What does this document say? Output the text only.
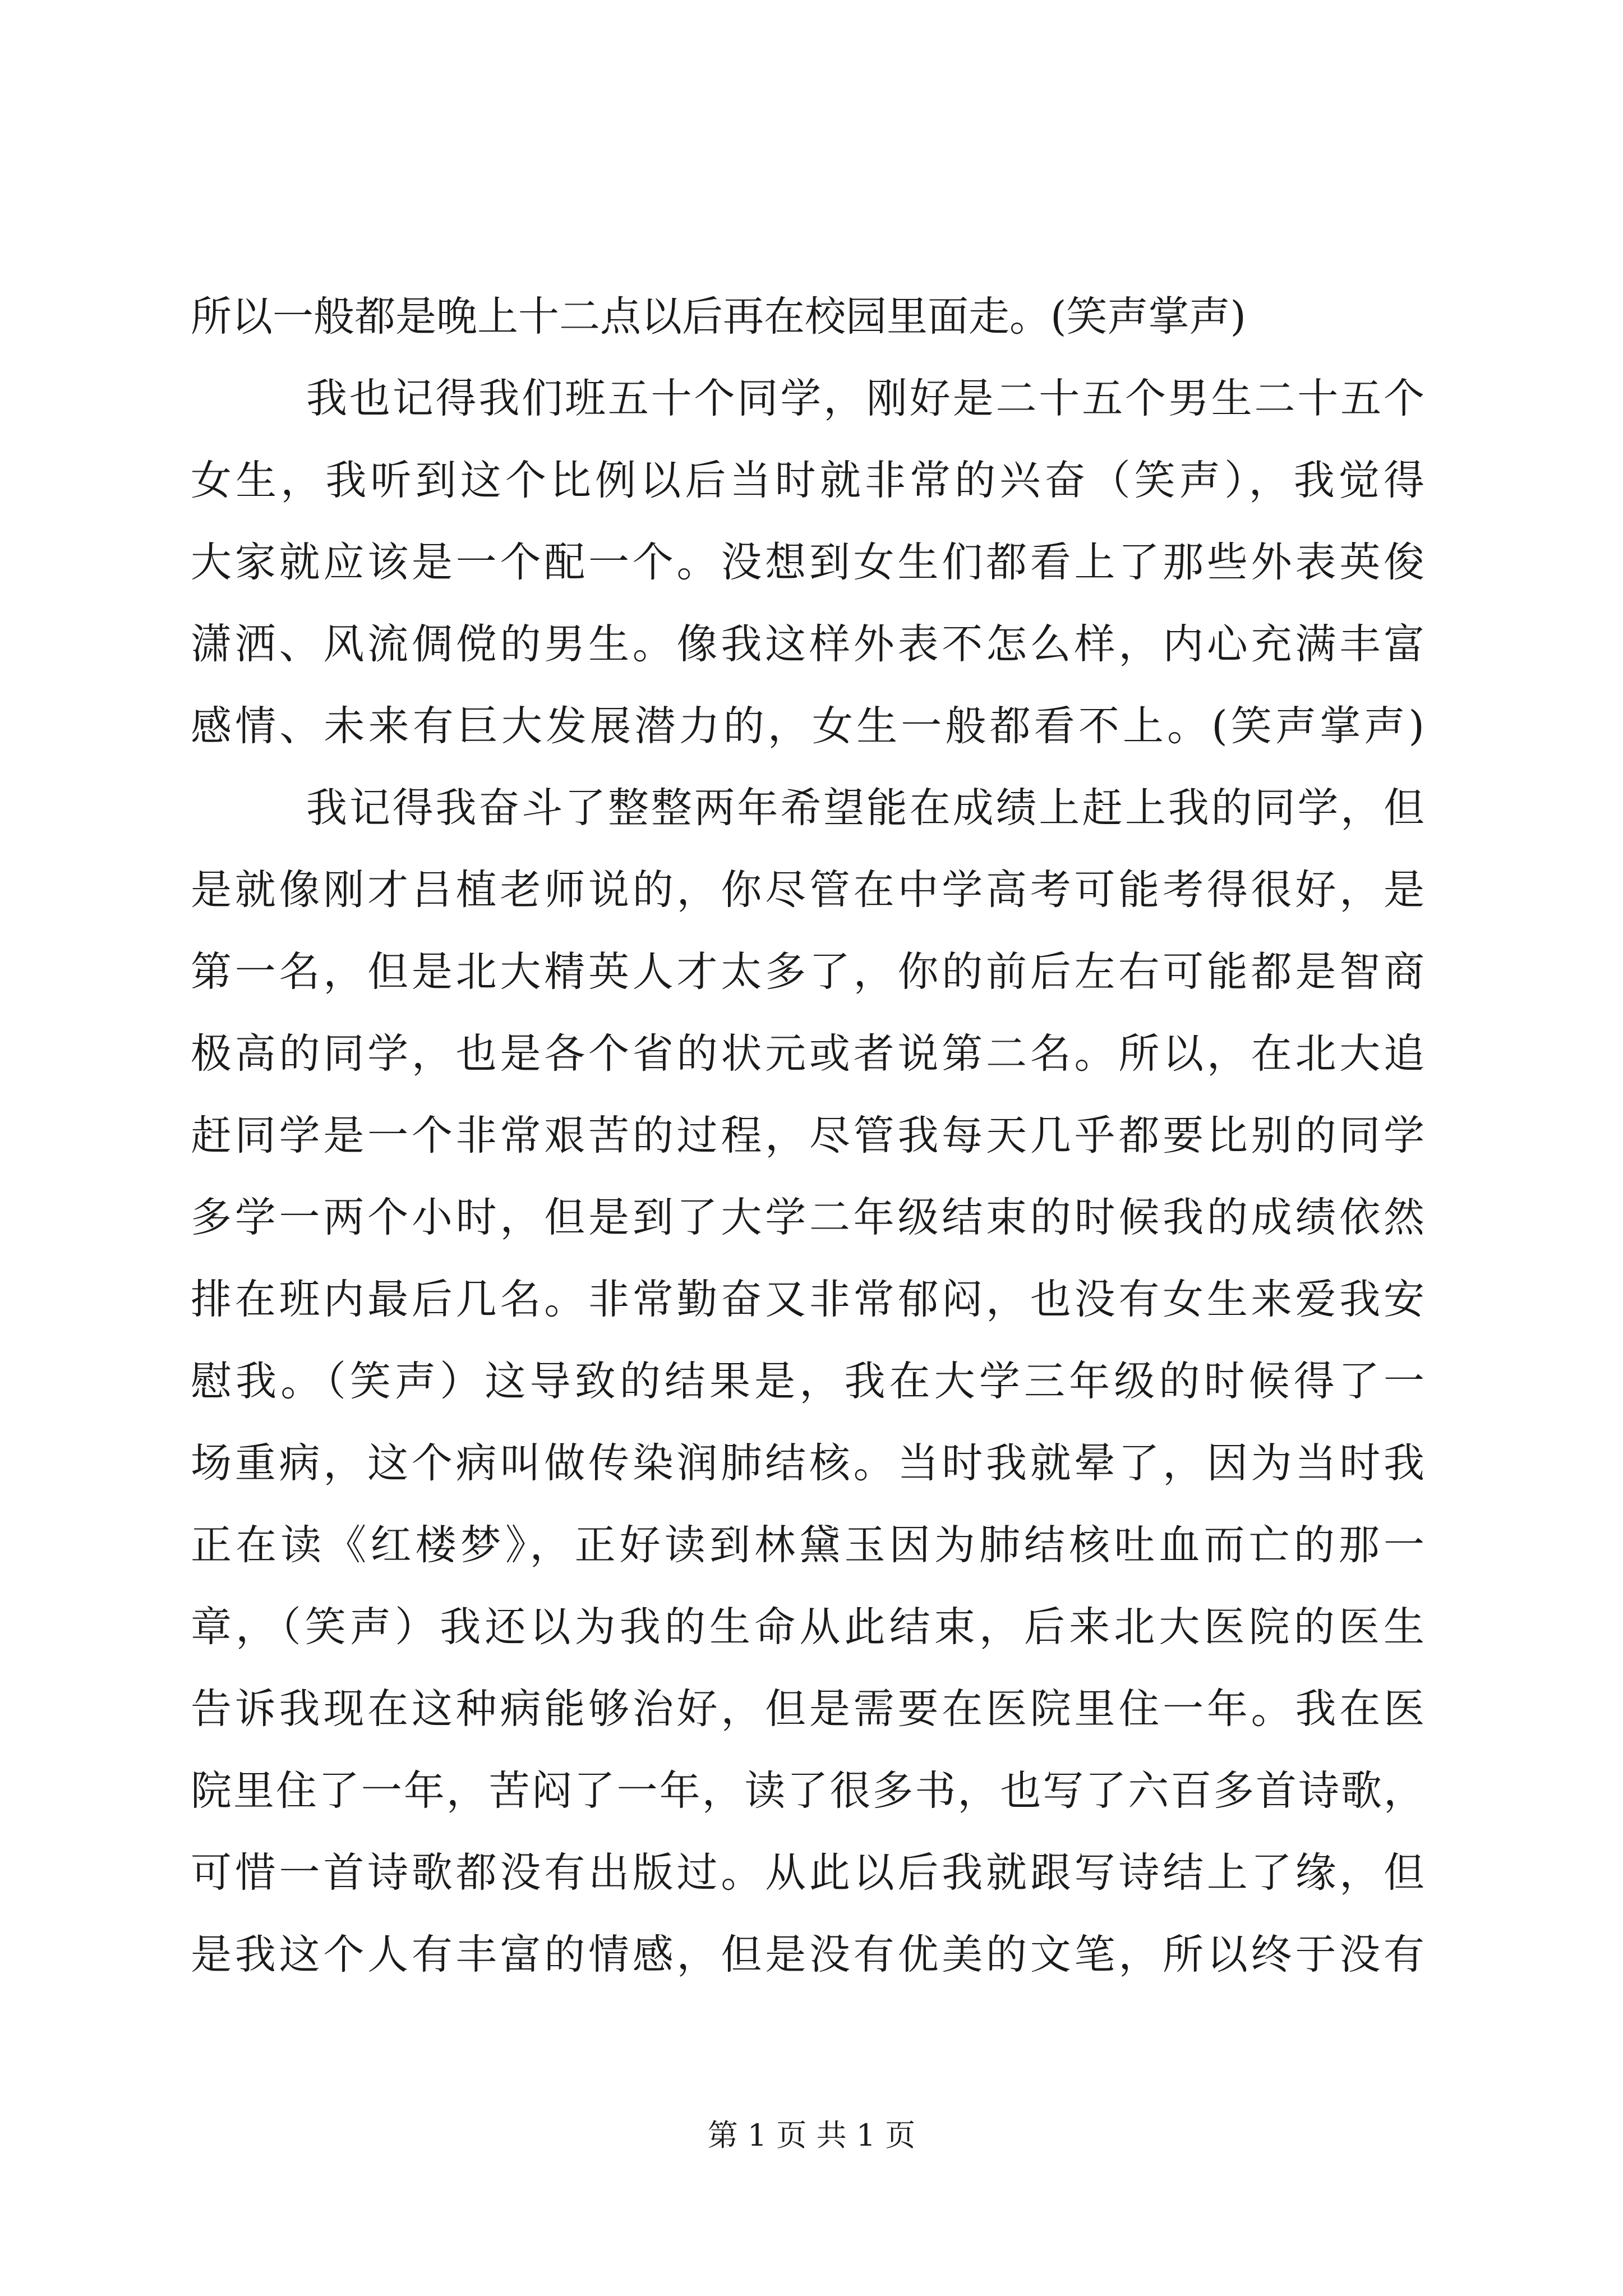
所以一般都是晚上十二点以后再在校园里面走。(笑声掌声)
我也记得我们班五十个同学，刚好是二十五个男生二十五个
女生，我听到这个比例以后当时就非常的兴奋（笑声），我觉得
大家就应该是一个配一个。没想到女生们都看上了那些外表英俊
潇洒、风流倜傥的男生。像我这样外表不怎么样，内心充满丰富
感情、未来有巨大发展潜力的，女生一般都看不上。(笑声掌声)
我记得我奋斗了整整两年希望能在成绩上赶上我的同学，但
是就像刚才吕植老师说的，你尽管在中学高考可能考得很好，是
第一名，但是北大精英人才太多了，你的前后左右可能都是智商
极高的同学，也是各个省的状元或者说第二名。所以，在北大追
赶同学是一个非常艰苦的过程，尽管我每天几乎都要比别的同学
多学一两个小时，但是到了大学二年级结束的时候我的成绩依然
排在班内最后几名。非常勤奋又非常郁闷，也没有女生来爱我安
慰我。（笑声）这导致的结果是，我在大学三年级的时候得了一
场重病，这个病叫做传染润肺结核。当时我就晕了，因为当时我
正在读《红楼梦》，正好读到林黛玉因为肺结核吐血而亡的那一
章，（笑声）我还以为我的生命从此结束，后来北大医院的医生
告诉我现在这种病能够治好，但是需要在医院里住一年。我在医
院里住了一年，苦闷了一年，读了很多书，也写了六百多首诗歌，
可惜一首诗歌都没有出版过。从此以后我就跟写诗结上了缘，但
是我这个人有丰富的情感，但是没有优美的文笔，所以终于没有
第 1 页 共 1 页
